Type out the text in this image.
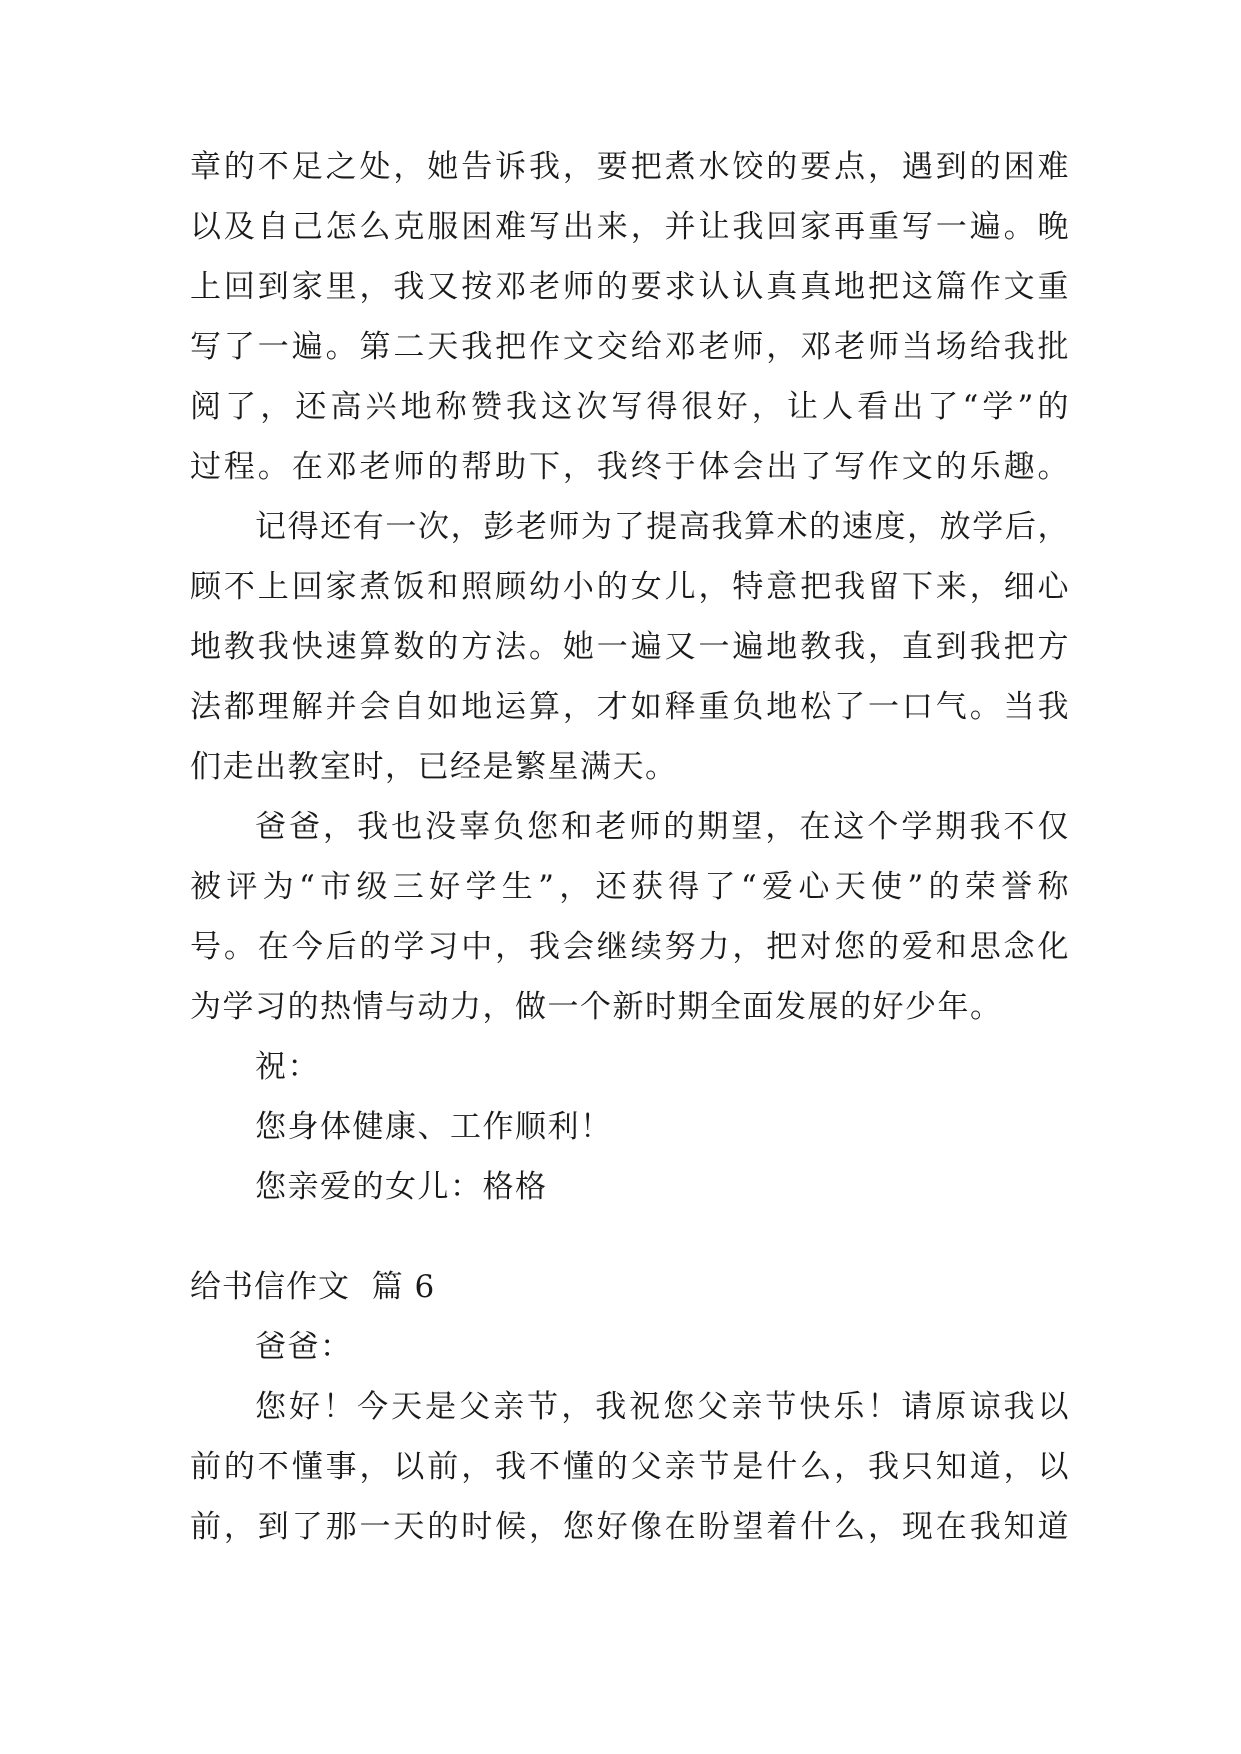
章的不足之处，她告诉我，要把煮水饺的要点，遇到的困难

以及自己怎么克服困难写出来，并让我回家再重写一遍。晚

上回到家里，我又按邓老师的要求认认真真地把这篇作文重

写了一遍。第二天我把作文交给邓老师，邓老师当场给我批

阅了，还高兴地称赞我这次写得很好，让人看出了“学”的

过程。在邓老师的帮助下，我终于体会出了写作文的乐趣。

记得还有一次，彭老师为了提高我算术的速度，放学后，

顾不上回家煮饭和照顾幼小的女儿，特意把我留下来，细心

地教我快速算数的方法。她一遍又一遍地教我，直到我把方

法都理解并会自如地运算，才如释重负地松了一口气。当我

们走出教室时，已经是繁星满天。

爸爸，我也没辜负您和老师的期望，在这个学期我不仅

被评为“市级三好学生”，还获得了“爱心天使”的荣誉称

号。在今后的学习中，我会继续努力，把对您的爱和思念化

为学习的热情与动力，做一个新时期全面发展的好少年。

祝：

您身体健康、工作顺利！

您亲爱的女儿：格格

给书信作文  篇 6

爸爸：

您好！今天是父亲节，我祝您父亲节快乐！请原谅我以

前的不懂事，以前，我不懂的父亲节是什么，我只知道，以

前，到了那一天的时候，您好像在盼望着什么，现在我知道
